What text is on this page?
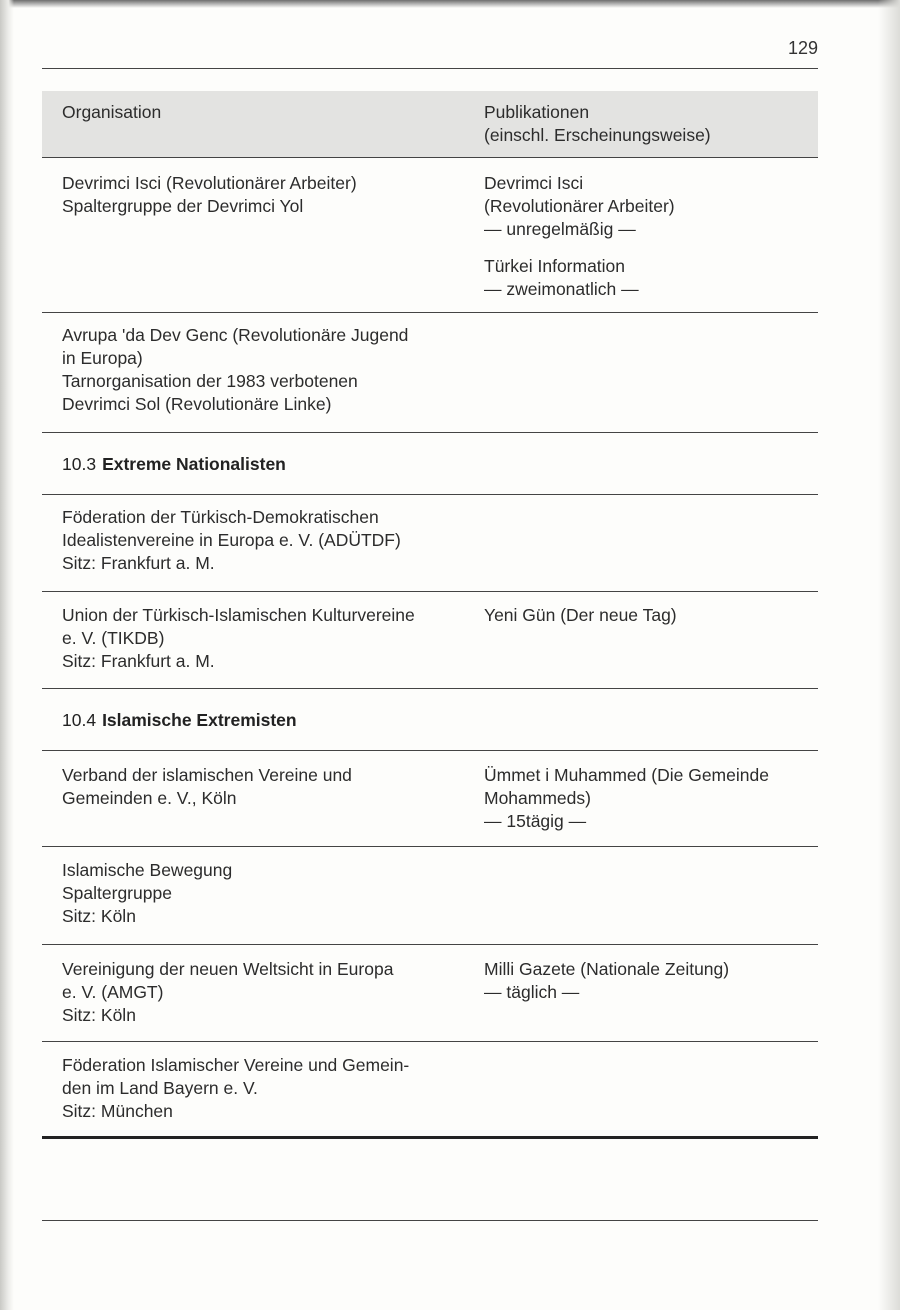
129
Organisation	Publikationen
(einschl. Erscheinungsweise)
Devrimci Isci (Revolutionärer Arbeiter)
Spaltergruppe der Devrimci Yol
Devrimci Isci
(Revolutionärer Arbeiter)
— unregelmäßig —
Türkei Information
— zweimonatlich —
Avrupa 'da Dev Genc (Revolutionäre Jugend
in Europa)
Tarnorganisation der 1983 verbotenen
Devrimci Sol (Revolutionäre Linke)
10.3 Extreme Nationalisten
Föderation der Türkisch-Demokratischen
Idealistenvereine in Europa e. V. (ADÜTDF)
Sitz: Frankfurt a. M.
Union der Türkisch-Islamischen Kulturvereine
e. V. (TIKDB)
Sitz: Frankfurt a. M.
Yeni Gün (Der neue Tag)
10.4 Islamische Extremisten
Verband der islamischen Vereine und
Gemeinden e. V., Köln
Ümmet i Muhammed (Die Gemeinde
Mohammeds)
— 15tägig —
Islamische Bewegung
Spaltergruppe
Sitz: Köln
Vereinigung der neuen Weltsicht in Europa
e. V. (AMGT)
Sitz: Köln
Milli Gazete (Nationale Zeitung)
— täglich —
Föderation Islamischer Vereine und Gemein-
den im Land Bayern e. V.
Sitz: München
